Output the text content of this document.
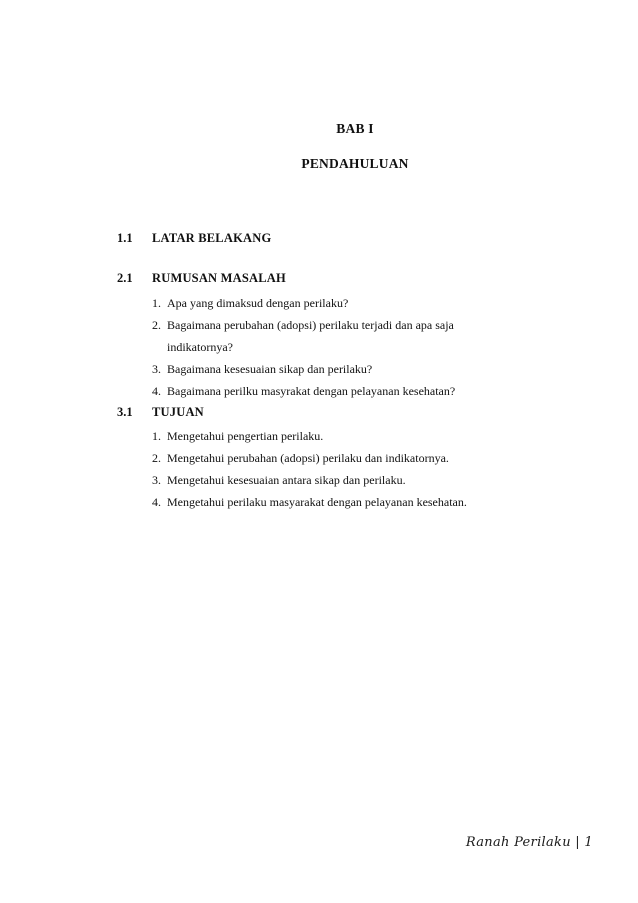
BAB I
PENDAHULUAN
1.1 LATAR BELAKANG
2.1 RUMUSAN MASALAH
1. Apa yang dimaksud dengan perilaku?
2. Bagaimana perubahan (adopsi) perilaku terjadi dan apa saja
indikatornya?
3. Bagaimana kesesuaian sikap dan perilaku?
4. Bagaimana perilku masyrakat dengan pelayanan kesehatan?
3.1 TUJUAN
1. Mengetahui pengertian perilaku.
2. Mengetahui perubahan (adopsi) perilaku dan indikatornya.
3. Mengetahui kesesuaian antara sikap dan perilaku.
4. Mengetahui perilaku masyarakat dengan pelayanan kesehatan.
Ranah Perilaku | 1
